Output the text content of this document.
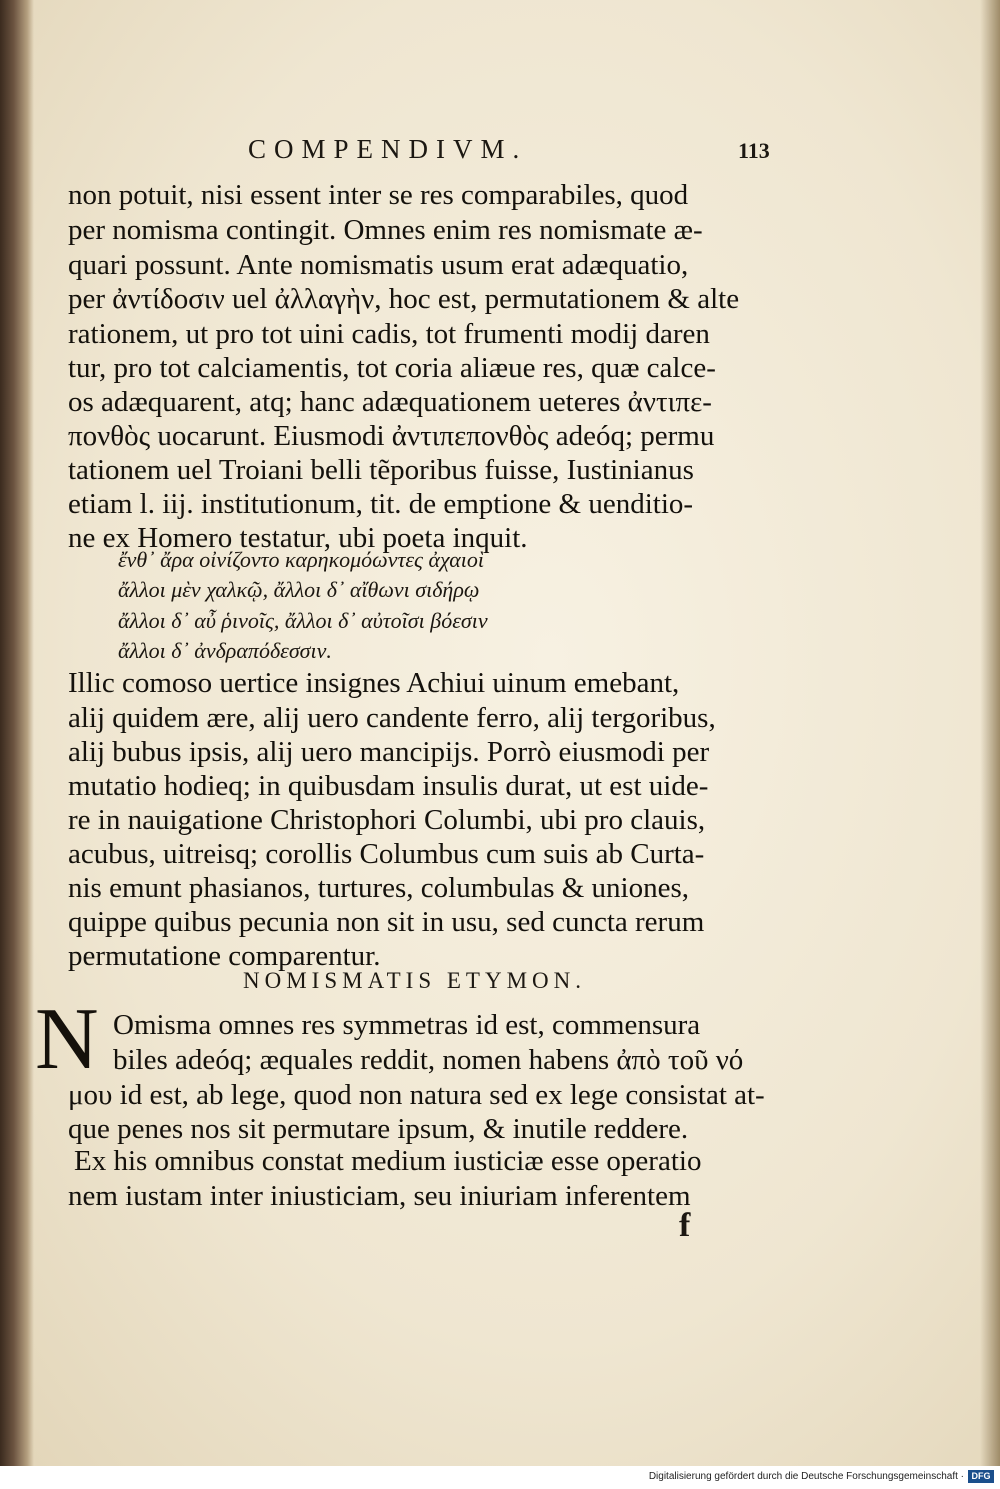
COMPENDIVM.	113
non potuit, nisi essent inter se res comparabiles, quod
per nomisma contingit. Omnes enim res nomismate æ-
quari possunt. Ante nomismatis usum erat adæquatio,
per ἀντίδοσιν uel ἀλλαγὴν, hoc est, permutationem & alte
rationem, ut pro tot uini cadis, tot frumenti modij daren
tur, pro tot calciamentis, tot coria aliæue res, quæ calce-
os adæquarent, atq; hanc adæquationem ueteres ἀντιπε-
πονθὸς uocarunt. Eiusmodi ἀντιπεπονθὸς adeóq; permu
tationem uel Troiani belli tẽporibus fuisse, Iustinianus
etiam l. iij. institutionum, tit. de emptione & uenditio-
ne ex Homero testatur, ubi poeta inquit.
ἔνθ᾽ ἄρα οἰνίζοντο καρηκομόωντες ἀχαιοὶ
ἄλλοι μὲν χαλκῷ, ἄλλοι δ᾽ αἴθωνι σιδήρῳ
ἄλλοι δ᾽ αὖ ῥινοῖς, ἄλλοι δ᾽ αὐτοῖσι βόεσιν
ἄλλοι δ᾽ ἀνδραπόδεσσιν.
Illic comoso uertice insignes Achiui uinum emebant,
alij quidem ære, alij uero candente ferro, alij tergoribus,
alij bubus ipsis, alij uero mancipijs. Porrò eiusmodi per
mutatio hodieq; in quibusdam insulis durat, ut est uide-
re in nauigatione Christophori Columbi, ubi pro clauis,
acubus, uitreisq; corollis Columbus cum suis ab Curta-
nis emunt phasianos, turtures, columbulas & uniones,
quippe quibus pecunia non sit in usu, sed cuncta rerum
permutatione comparentur.
NOMISMATIS ETYMON.
N Omisma omnes res symmetras id est, commensura
biles adeóq; æquales reddit, nomen habens ἀπὸ τοῦ νό
μου id est, ab lege, quod non natura sed ex lege consistat at-
que penes nos sit permutare ipsum, & inutile reddere.
Ex his omnibus constat medium iusticiæ esse operatio
nem iustam inter iniusticiam, seu iniuriam inferentem
f
Digitalisierung gefördert durch die Deutsche Forschungsgemeinschaft · DFG
